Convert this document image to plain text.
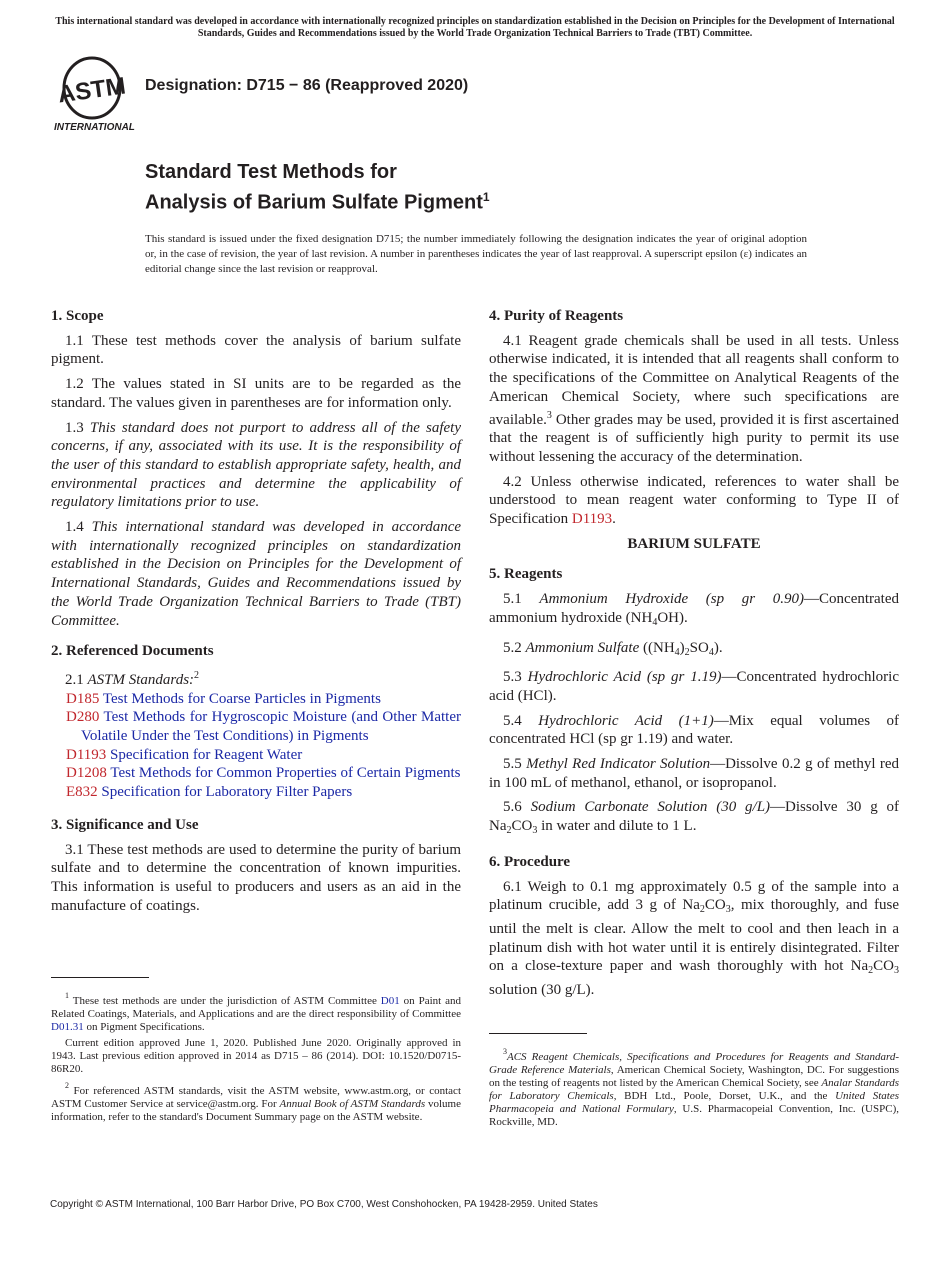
This international standard was developed in accordance with internationally recognized principles on standardization established in the Decision on Principles for the Development of International Standards, Guides and Recommendations issued by the World Trade Organization Technical Barriers to Trade (TBT) Committee.
ASTM
INTERNATIONAL
Designation: D715 − 86 (Reapproved 2020)
Standard Test Methods for
Analysis of Barium Sulfate Pigment$^1$
This standard is issued under the fixed designation D715; the number immediately following the designation indicates the year of original adoption or, in the case of revision, the year of last revision. A number in parentheses indicates the year of last reapproval. A superscript epsilon (ε) indicates an editorial change since the last revision or reapproval.
1. Scope

1.1 These test methods cover the analysis of barium sulfate pigment.

1.2 The values stated in SI units are to be regarded as the standard. The values given in parentheses are for information only.

1.3 This standard does not purport to address all of the safety concerns, if any, associated with its use. It is the responsibility of the user of this standard to establish appropriate safety, health, and environmental practices and determine the applicability of regulatory limitations prior to use.

1.4 This international standard was developed in accordance with internationally recognized principles on standardization established in the Decision on Principles for the Development of International Standards, Guides and Recommendations issued by the World Trade Organization Technical Barriers to Trade (TBT) Committee.

2. Referenced Documents

2.1 ASTM Standards:$^2$

D185 Test Methods for Coarse Particles in Pigments
D280 Test Methods for Hygroscopic Moisture (and Other Matter Volatile Under the Test Conditions) in Pigments
D1193 Specification for Reagent Water
D1208 Test Methods for Common Properties of Certain Pigments
E832 Specification for Laboratory Filter Papers
3. Significance and Use

3.1 These test methods are used to determine the purity of barium sulfate and to determine the concentration of known impurities. This information is useful to producers and users as an aid in the manufacture of coatings.

$^1$ These test methods are under the jurisdiction of ASTM Committee D01 on Paint and Related Coatings, Materials, and Applications and are the direct responsibility of Committee D01.31 on Pigment Specifications.

Current edition approved June 1, 2020. Published June 2020. Originally approved in 1943. Last previous edition approved in 2014 as D715 – 86 (2014). DOI: 10.1520/D0715-86R20.

$^2$ For referenced ASTM standards, visit the ASTM website, www.astm.org, or contact ASTM Customer Service at service@astm.org. For Annual Book of ASTM Standards volume information, refer to the standard's Document Summary page on the ASTM website.

4. Purity of Reagents

4.1 Reagent grade chemicals shall be used in all tests. Unless otherwise indicated, it is intended that all reagents shall conform to the specifications of the Committee on Analytical Reagents of the American Chemical Society, where such specifications are available.$^3$ Other grades may be used, provided it is first ascertained that the reagent is of sufficiently high purity to permit its use without lessening the accuracy of the determination.

4.2 Unless otherwise indicated, references to water shall be understood to mean reagent water conforming to Type II of Specification D1193.

BARIUM SULFATE
5. Reagents

5.1 Ammonium Hydroxide (sp gr 0.90)—Concentrated ammonium hydroxide $(NH_4OH)$.

5.2 Ammonium Sulfate $((NH_4)_2SO_4)$.

5.3 Hydrochloric Acid (sp gr 1.19)—Concentrated hydrochloric acid (HCl).

5.4 Hydrochloric Acid (1+1)—Mix equal volumes of concentrated HCl (sp gr 1.19) and water.

5.5 Methyl Red Indicator Solution—Dissolve 0.2 g of methyl red in 100 mL of methanol, ethanol, or isopropanol.

5.6 Sodium Carbonate Solution (30 g/L)—Dissolve 30 g of $Na_2CO_3$ in water and dilute to 1 L.

6. Procedure

6.1 Weigh to 0.1 mg approximately 0.5 g of the sample into a platinum crucible, add 3 g of $Na_2CO_3$, mix thoroughly, and fuse until the melt is clear. Allow the melt to cool and then leach in a platinum dish with hot water until it is entirely disintegrated. Filter on a close-texture paper and wash thoroughly with hot $Na_2CO_3$ solution (30 g/L).

$^3$ACS Reagent Chemicals, Specifications and Procedures for Reagents and Standard-Grade Reference Materials, American Chemical Society, Washington, DC. For suggestions on the testing of reagents not listed by the American Chemical Society, see Analar Standards for Laboratory Chemicals, BDH Ltd., Poole, Dorset, U.K., and the United States Pharmacopeia and National Formulary, U.S. Pharmacopeial Convention, Inc. (USPC), Rockville, MD.

Copyright © ASTM International, 100 Barr Harbor Drive, PO Box C700, West Conshohocken, PA 19428-2959. United States
